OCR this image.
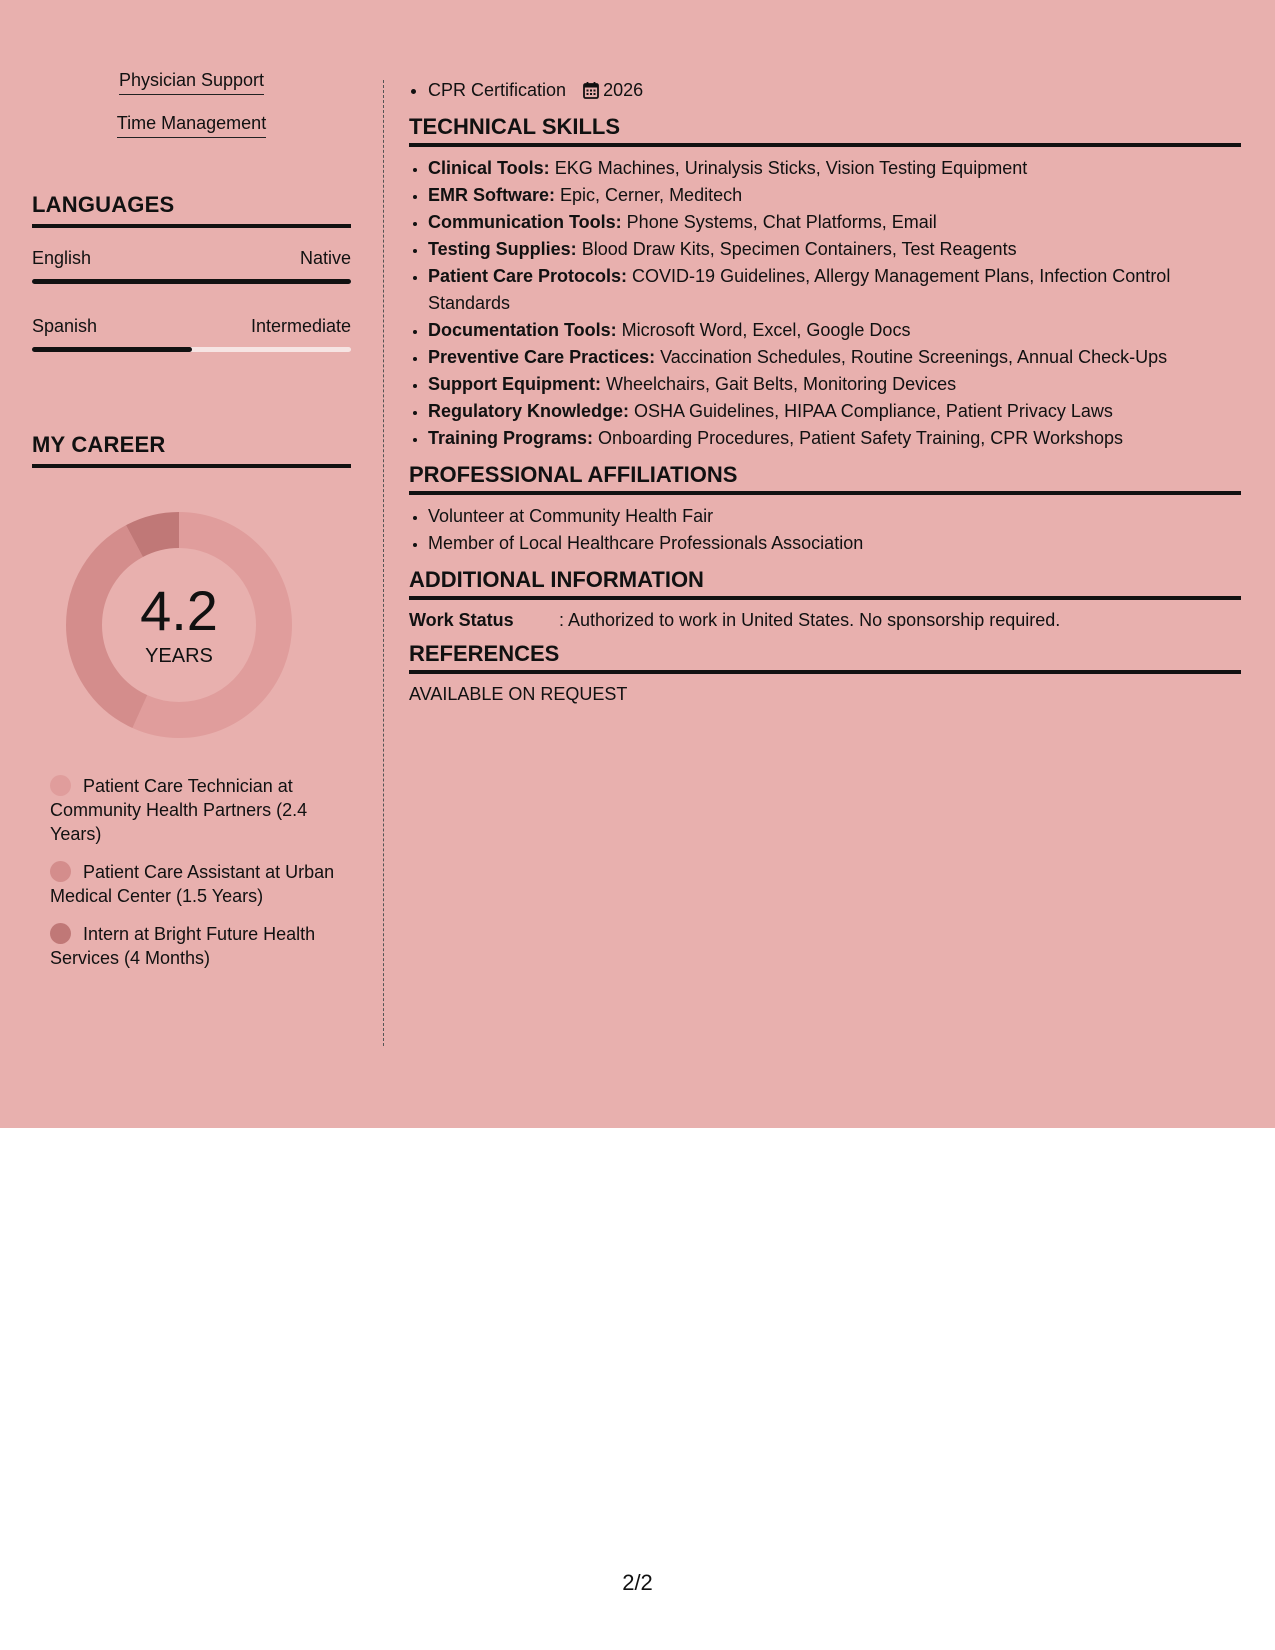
Physician Support
Time Management
LANGUAGES
English	Native
Spanish	Intermediate
MY CAREER
4.2
YEARS
Patient Care Technician at Community Health Partners (2.4 Years)
Patient Care Assistant at Urban Medical Center (1.5 Years)
Intern at Bright Future Health Services (4 Months)
• CPR Certification 2026
TECHNICAL SKILLS
• Clinical Tools: EKG Machines, Urinalysis Sticks, Vision Testing Equipment
• EMR Software: Epic, Cerner, Meditech
• Communication Tools: Phone Systems, Chat Platforms, Email
• Testing Supplies: Blood Draw Kits, Specimen Containers, Test Reagents
• Patient Care Protocols: COVID-19 Guidelines, Allergy Management Plans, Infection Control Standards
• Documentation Tools: Microsoft Word, Excel, Google Docs
• Preventive Care Practices: Vaccination Schedules, Routine Screenings, Annual Check-Ups
• Support Equipment: Wheelchairs, Gait Belts, Monitoring Devices
• Regulatory Knowledge: OSHA Guidelines, HIPAA Compliance, Patient Privacy Laws
• Training Programs: Onboarding Procedures, Patient Safety Training, CPR Workshops
PROFESSIONAL AFFILIATIONS
• Volunteer at Community Health Fair
• Member of Local Healthcare Professionals Association
ADDITIONAL INFORMATION
Work Status	: Authorized to work in United States. No sponsorship required.
REFERENCES
AVAILABLE ON REQUEST
2/2
